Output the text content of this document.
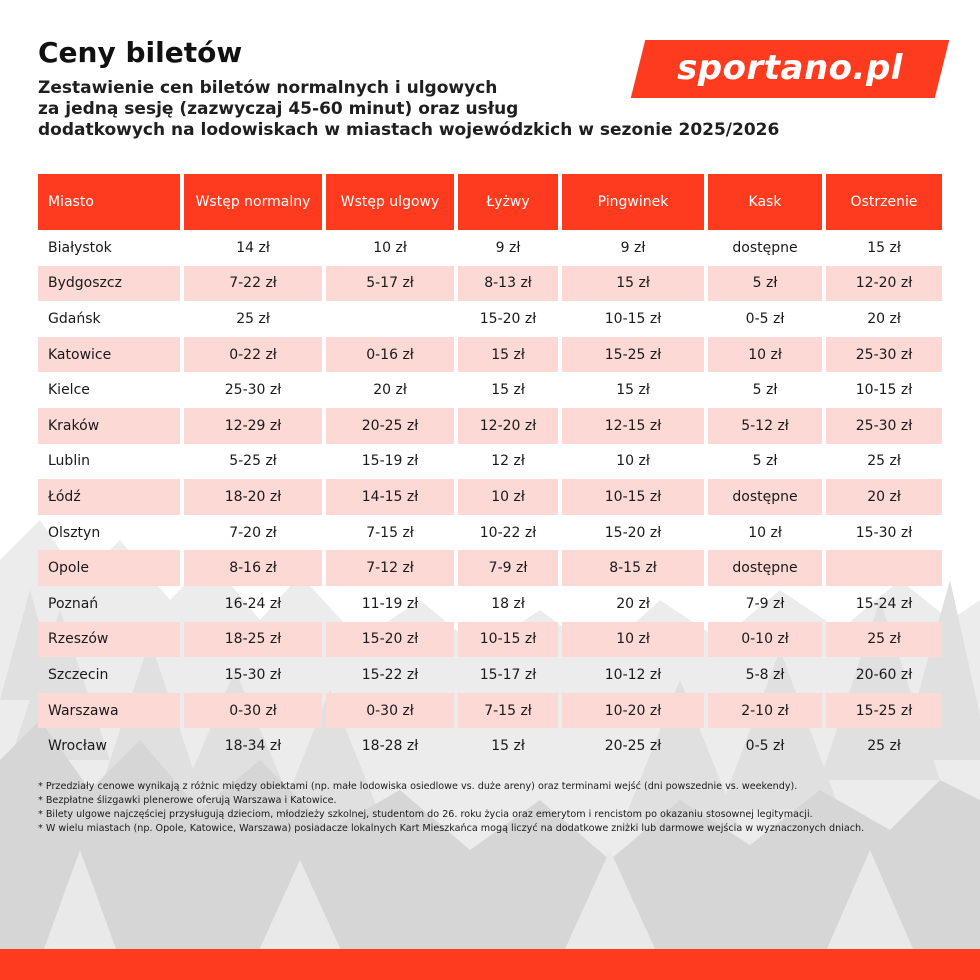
Ceny biletów
Zestawienie cen biletów normalnych i ulgowych
za jedną sesję (zazwyczaj 45-60 minut) oraz usług
dodatkowych na lodowiskach w miastach wojewódzkich w sezonie 2025/2026
sportano.pl
Miasto	Wstęp normalny	Wstęp ulgowy	Łyżwy	Pingwinek	Kask	Ostrzenie
Białystok	14 zł	10 zł	9 zł	9 zł	dostępne	15 zł
Bydgoszcz	7-22 zł	5-17 zł	8-13 zł	15 zł	5 zł	12-20 zł
Gdańsk	25 zł		15-20 zł	10-15 zł	0-5 zł	20 zł
Katowice	0-22 zł	0-16 zł	15 zł	15-25 zł	10 zł	25-30 zł
Kielce	25-30 zł	20 zł	15 zł	15 zł	5 zł	10-15 zł
Kraków	12-29 zł	20-25 zł	12-20 zł	12-15 zł	5-12 zł	25-30 zł
Lublin	5-25 zł	15-19 zł	12 zł	10 zł	5 zł	25 zł
Łódź	18-20 zł	14-15 zł	10 zł	10-15 zł	dostępne	20 zł
Olsztyn	7-20 zł	7-15 zł	10-22 zł	15-20 zł	10 zł	15-30 zł
Opole	8-16 zł	7-12 zł	7-9 zł	8-15 zł	dostępne	
Poznań	16-24 zł	11-19 zł	18 zł	20 zł	7-9 zł	15-24 zł
Rzeszów	18-25 zł	15-20 zł	10-15 zł	10 zł	0-10 zł	25 zł
Szczecin	15-30 zł	15-22 zł	15-17 zł	10-12 zł	5-8 zł	20-60 zł
Warszawa	0-30 zł	0-30 zł	7-15 zł	10-20 zł	2-10 zł	15-25 zł
Wrocław	18-34 zł	18-28 zł	15 zł	20-25 zł	0-5 zł	25 zł
* Przedziały cenowe wynikają z różnic między obiektami (np. małe lodowiska osiedlowe vs. duże areny) oraz terminami wejść (dni powszednie vs. weekendy).
* Bezpłatne ślizgawki plenerowe oferują Warszawa i Katowice.
* Bilety ulgowe najczęściej przysługują dzieciom, młodzieży szkolnej, studentom do 26. roku życia oraz emerytom i rencistom po okazaniu stosownej legitymacji.
* W wielu miastach (np. Opole, Katowice, Warszawa) posiadacze lokalnych Kart Mieszkańca mogą liczyć na dodatkowe zniżki lub darmowe wejścia w wyznaczonych dniach.
